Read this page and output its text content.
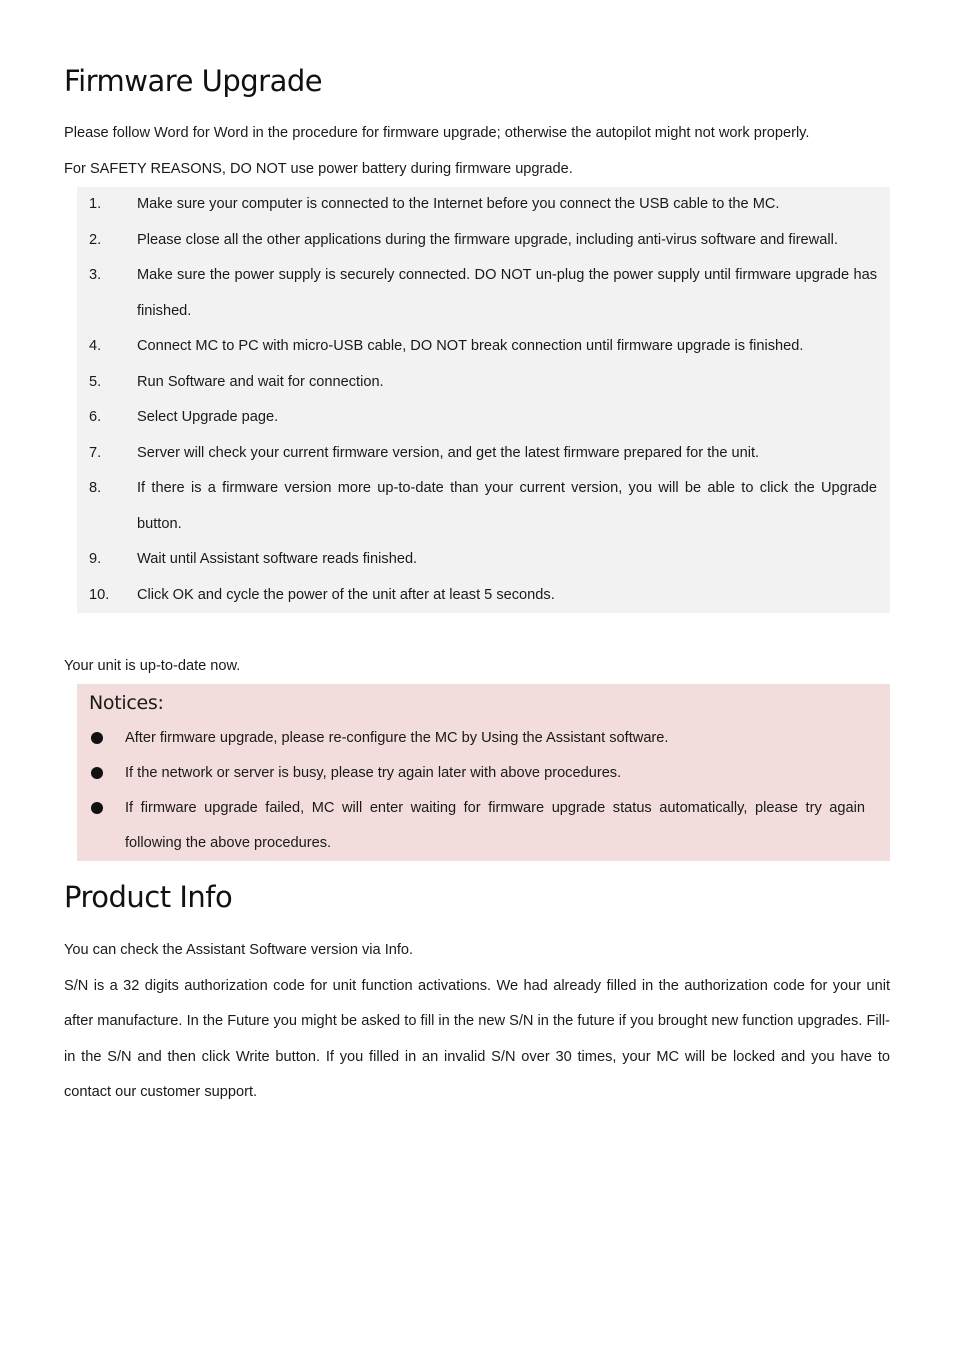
Firmware Upgrade

Please follow Word for Word in the procedure for firmware upgrade; otherwise the autopilot might not work properly.

For SAFETY REASONS, DO NOT use power battery during firmware upgrade.

1.	Make sure your computer is connected to the Internet before you connect the USB cable to the MC.
2.	Please close all the other applications during the firmware upgrade, including anti-virus software and firewall.
3.	Make sure the power supply is securely connected. DO NOT un-plug the power supply until firmware upgrade has finished.
4.	Connect MC to PC with micro-USB cable, DO NOT break connection until firmware upgrade is finished.
5.	Run Software and wait for connection.
6.	Select Upgrade page.
7.	Server will check your current firmware version, and get the latest firmware prepared for the unit.
8.	If there is a firmware version more up-to-date than your current version, you will be able to click the Upgrade button.
9.	Wait until Assistant software reads finished.
10.	Click OK and cycle the power of the unit after at least 5 seconds.

Your unit is up-to-date now.

Notices:
After firmware upgrade, please re-configure the MC by Using the Assistant software.
If the network or server is busy, please try again later with above procedures.
If firmware upgrade failed, MC will enter waiting for firmware upgrade status automatically, please try again following the above procedures.
Product Info

You can check the Assistant Software version via Info.

S/N is a 32 digits authorization code for unit function activations. We had already filled in the authorization code for your unit after manufacture. In the Future you might be asked to fill in the new S/N in the future if you brought new function upgrades. Fill-in the S/N and then click Write button. If you filled in an invalid S/N over 30 times, your MC will be locked and you have to contact our customer support.
